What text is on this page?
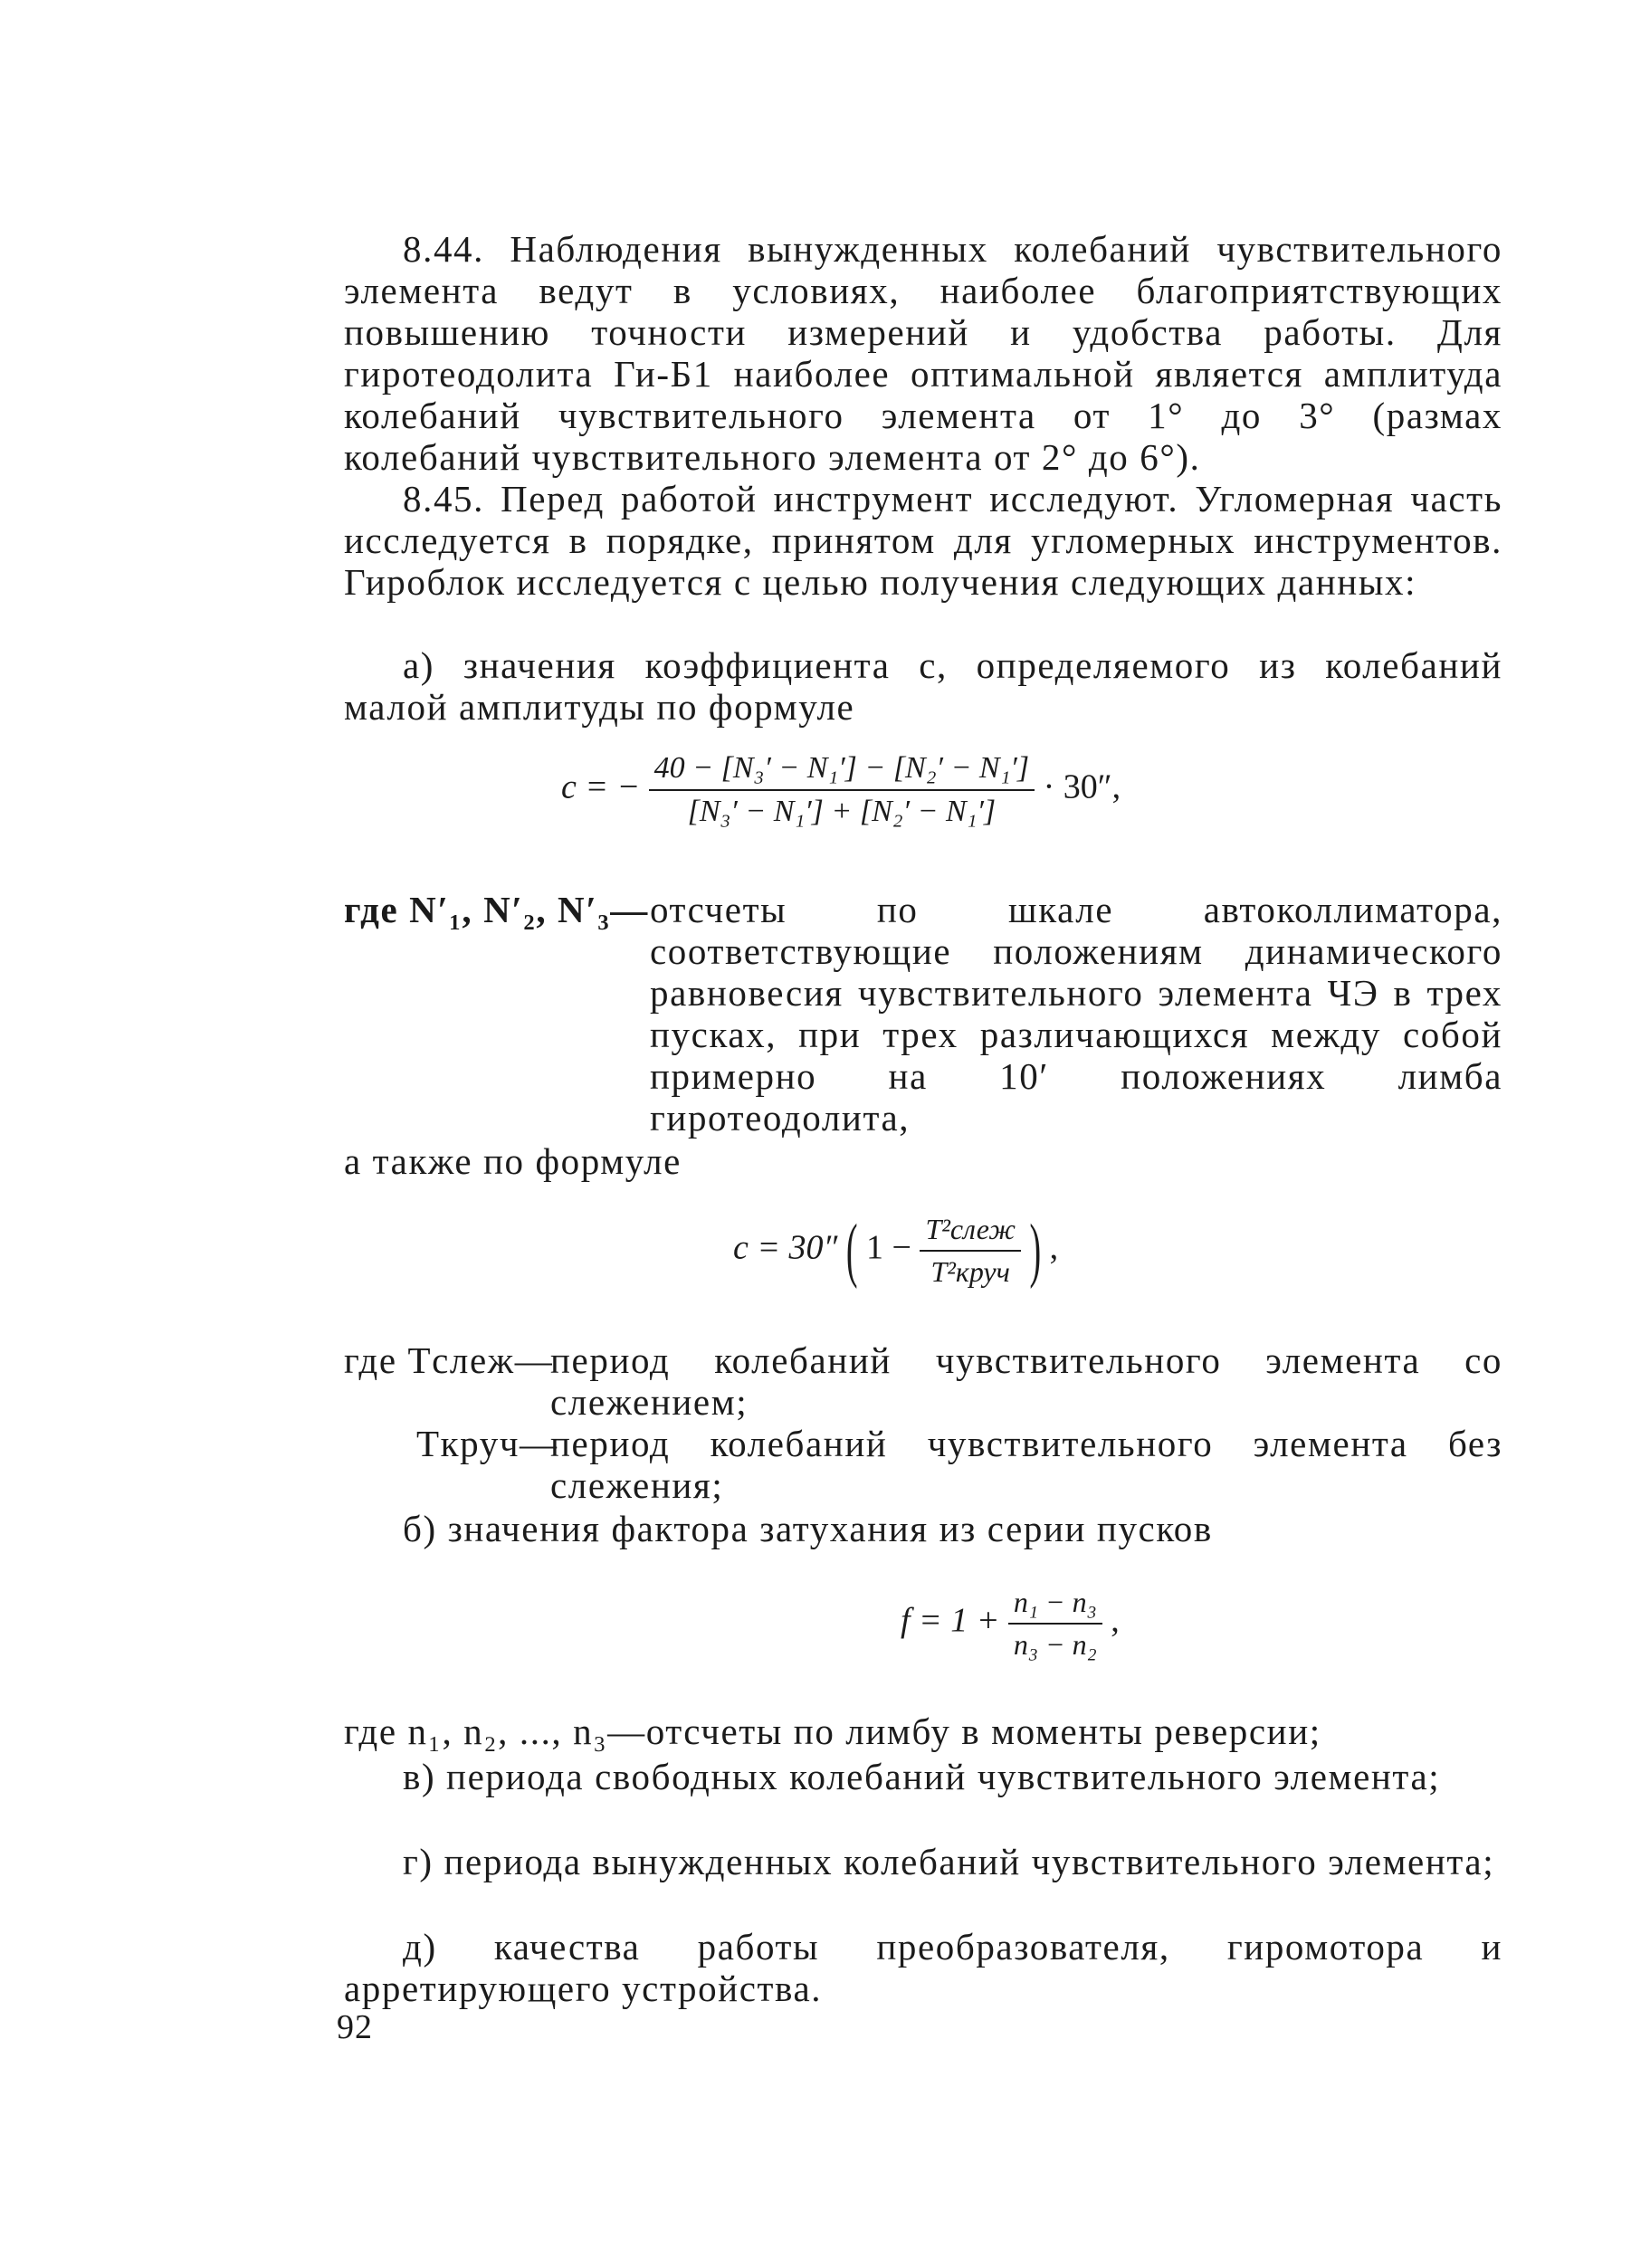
8.44. Наблюдения вынужденных колебаний чувствительного элемента ведут в условиях, наиболее благоприятствующих повышению точности измерений и удобства работы. Для гиротеодолита Ги-Б1 наиболее оптимальной является амплитуда колебаний чувствительного элемента от 1° до 3° (размах колебаний чувствительного элемента от 2° до 6°).

8.45. Перед работой инструмент исследуют. Угломерная часть исследуется в порядке, принятом для угломерных инструментов. Гироблок исследуется с целью получения следующих данных:

а) значения коэффициента с, определяемого из колебаний малой амплитуды по формуле

c = − $\frac{\text{40 − [N₃′ − N₁′] − [N₂′ − N₁′]}}{\text{[N₃′ − N₁′] + [N₂′ − N₁′]}} \cdot 30''$,
где N′₁, N′₂, N′₃— отсчеты по шкале автоколлиматора, соответствующие положениям динамического равновесия чувствительного элемента ЧЭ в трех пусках, при трех различающихся между собой примерно на 10′ положениях лимба гиротеодолита,

а также по формуле

c = 30″ ( $1 - \frac{\text{T²слеж}}{\text{T²круч}}$ ) ,
где Tслеж—

период колебаний чувствительного элемента со слежением;

Tкруч—

период колебаний чувствительного элемента без слежения;

б) значения фактора затухания из серии пусков

$f = 1 + \frac{\text{n₁ − n₃}}{\text{n₃ − n₂}}$ ,

где n₁, n₂, ..., n₃—отсчеты по лимбу в моменты реверсии;

в) периода свободных колебаний чувствительного элемента;

г) периода вынужденных колебаний чувствительного элемента;

д) качества работы преобразователя, гиромотора и арретирующего устройства.

92
